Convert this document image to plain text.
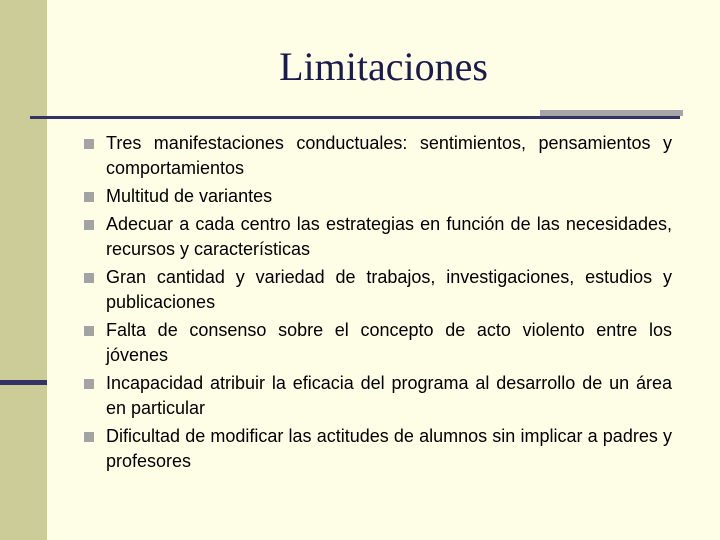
Limitaciones
Tres manifestaciones conductuales: sentimientos, pensamientos y comportamientos
Multitud de variantes
Adecuar a cada centro las estrategias en función de las necesidades, recursos y características
Gran cantidad y variedad de trabajos, investigaciones, estudios y publicaciones
Falta de consenso sobre el concepto de acto violento entre los jóvenes
Incapacidad atribuir la eficacia del programa al desarrollo de un área en particular
Dificultad de modificar las actitudes de alumnos sin implicar a padres y profesores
